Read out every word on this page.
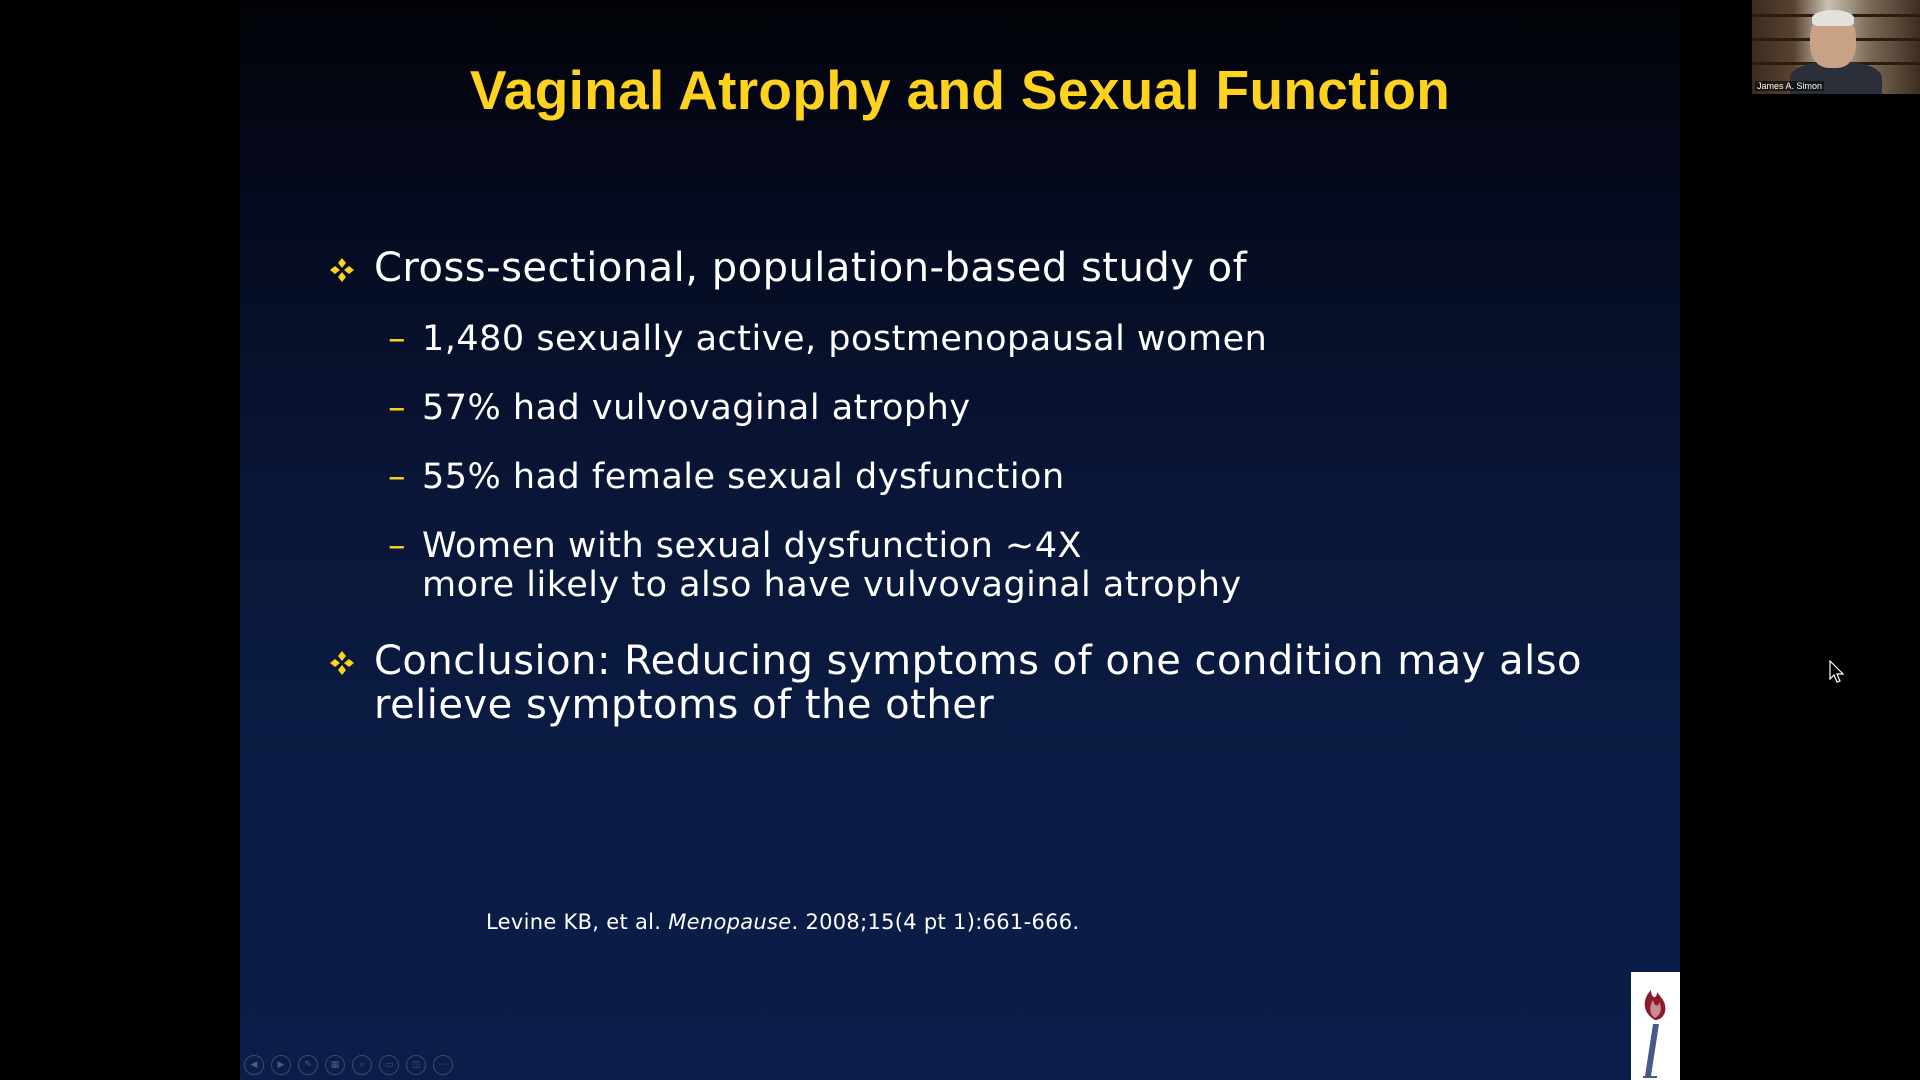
Vaginal Atrophy and Sexual Function
Cross-sectional, population-based study of
– 1,480 sexually active, postmenopausal women
– 57% had vulvovaginal atrophy
– 55% had female sexual dysfunction
– Women with sexual dysfunction ~4X
more likely to also have vulvovaginal atrophy
Conclusion: Reducing symptoms of one condition may also
relieve symptoms of the other
Levine KB, et al. Menopause. 2008;15(4 pt 1):661-666.
◀	▶	✎	▦	⌕	▭	◫	⋯
James A. Simon
